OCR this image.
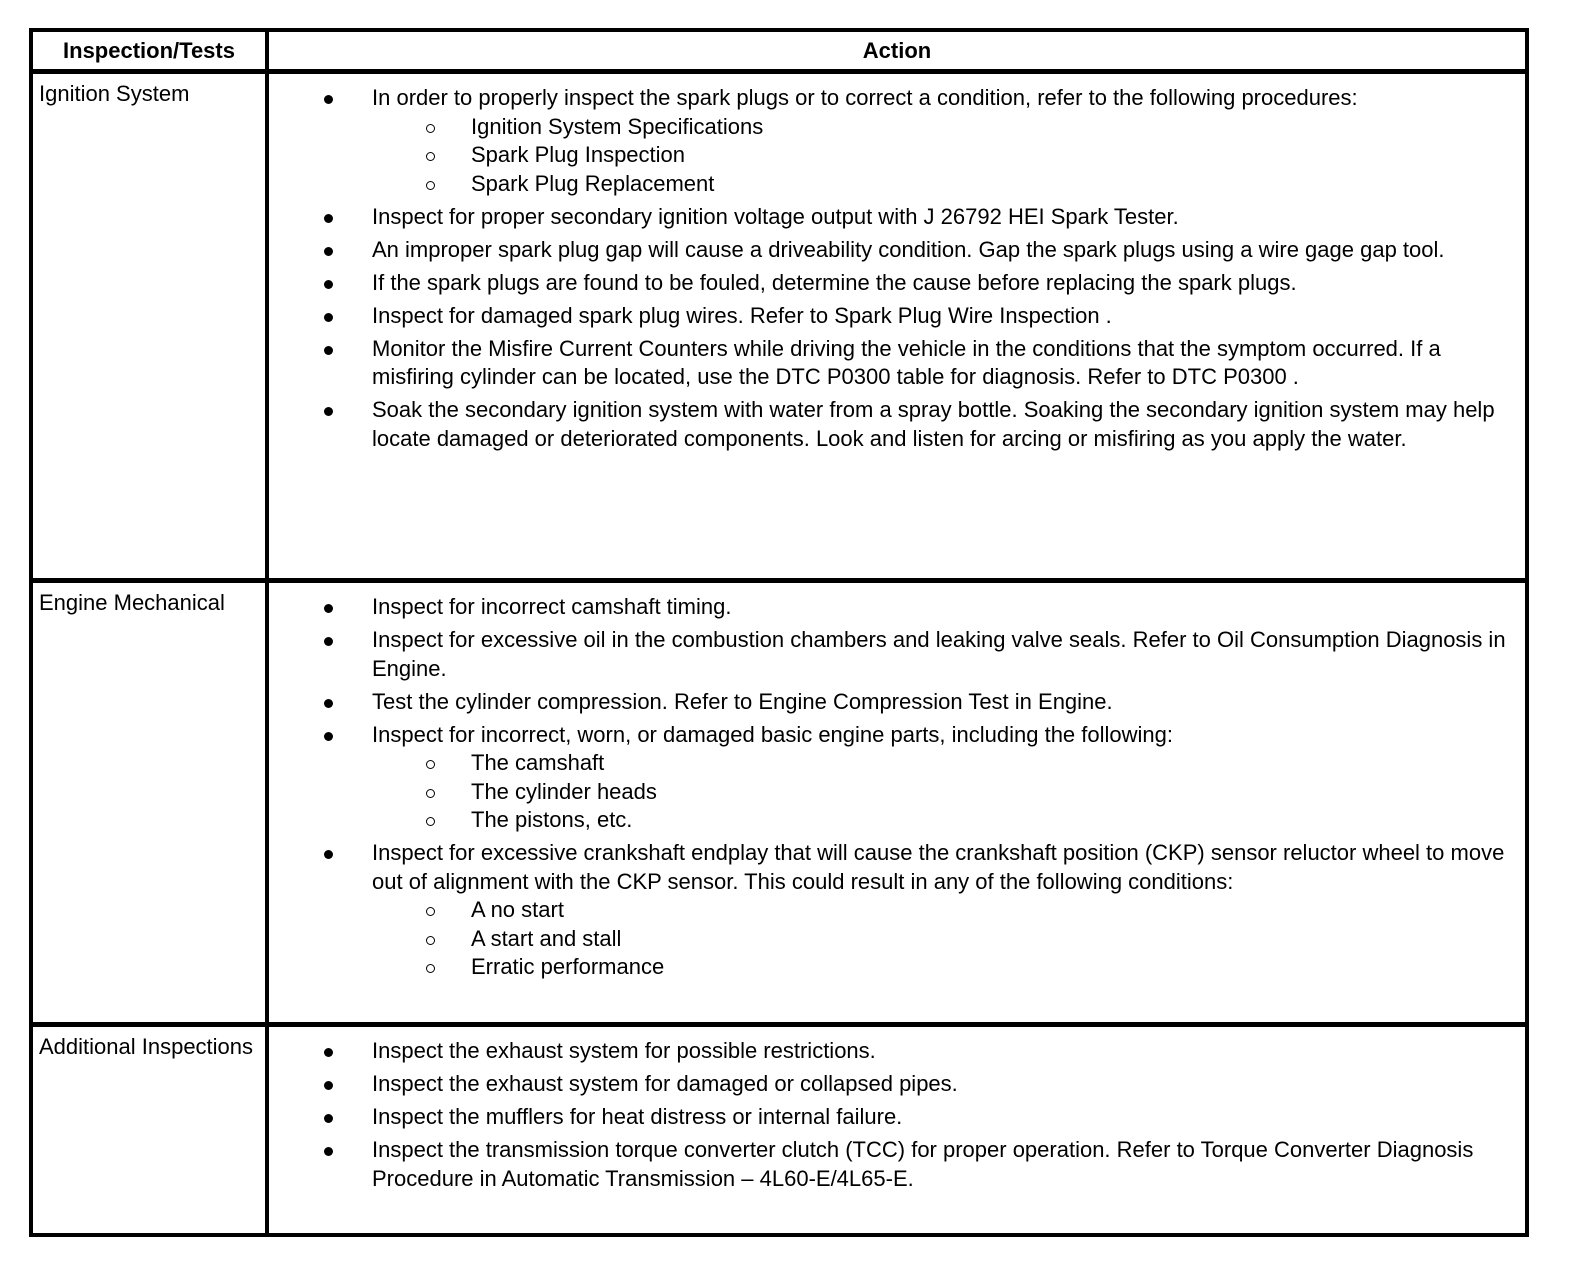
Inspection/Tests	Action
Ignition System	In order to properly inspect the spark plugs or to correct a condition, refer to the following procedures:
Ignition System Specifications
Spark Plug Inspection
Spark Plug Replacement
Inspect for proper secondary ignition voltage output with J 26792 HEI Spark Tester.
An improper spark plug gap will cause a driveability condition. Gap the spark plugs using a wire gage gap tool.
If the spark plugs are found to be fouled, determine the cause before replacing the spark plugs.
Inspect for damaged spark plug wires. Refer to Spark Plug Wire Inspection .
Monitor the Misfire Current Counters while driving the vehicle in the conditions that the symptom occurred. If a misfiring cylinder can be located, use the DTC P0300 table for diagnosis. Refer to DTC P0300 .
Soak the secondary ignition system with water from a spray bottle. Soaking the secondary ignition system may help locate damaged or deteriorated components. Look and listen for arcing or misfiring as you apply the water.
Engine Mechanical	Inspect for incorrect camshaft timing.
Inspect for excessive oil in the combustion chambers and leaking valve seals. Refer to Oil Consumption Diagnosis in Engine.
Test the cylinder compression. Refer to Engine Compression Test in Engine.
Inspect for incorrect, worn, or damaged basic engine parts, including the following:
The camshaft
The cylinder heads
The pistons, etc.
Inspect for excessive crankshaft endplay that will cause the crankshaft position (CKP) sensor reluctor wheel to move out of alignment with the CKP sensor. This could result in any of the following conditions:
A no start
A start and stall
Erratic performance
Additional Inspections	Inspect the exhaust system for possible restrictions.
Inspect the exhaust system for damaged or collapsed pipes.
Inspect the mufflers for heat distress or internal failure.
Inspect the transmission torque converter clutch (TCC) for proper operation. Refer to Torque Converter Diagnosis Procedure in Automatic Transmission – 4L60-E/4L65-E.
